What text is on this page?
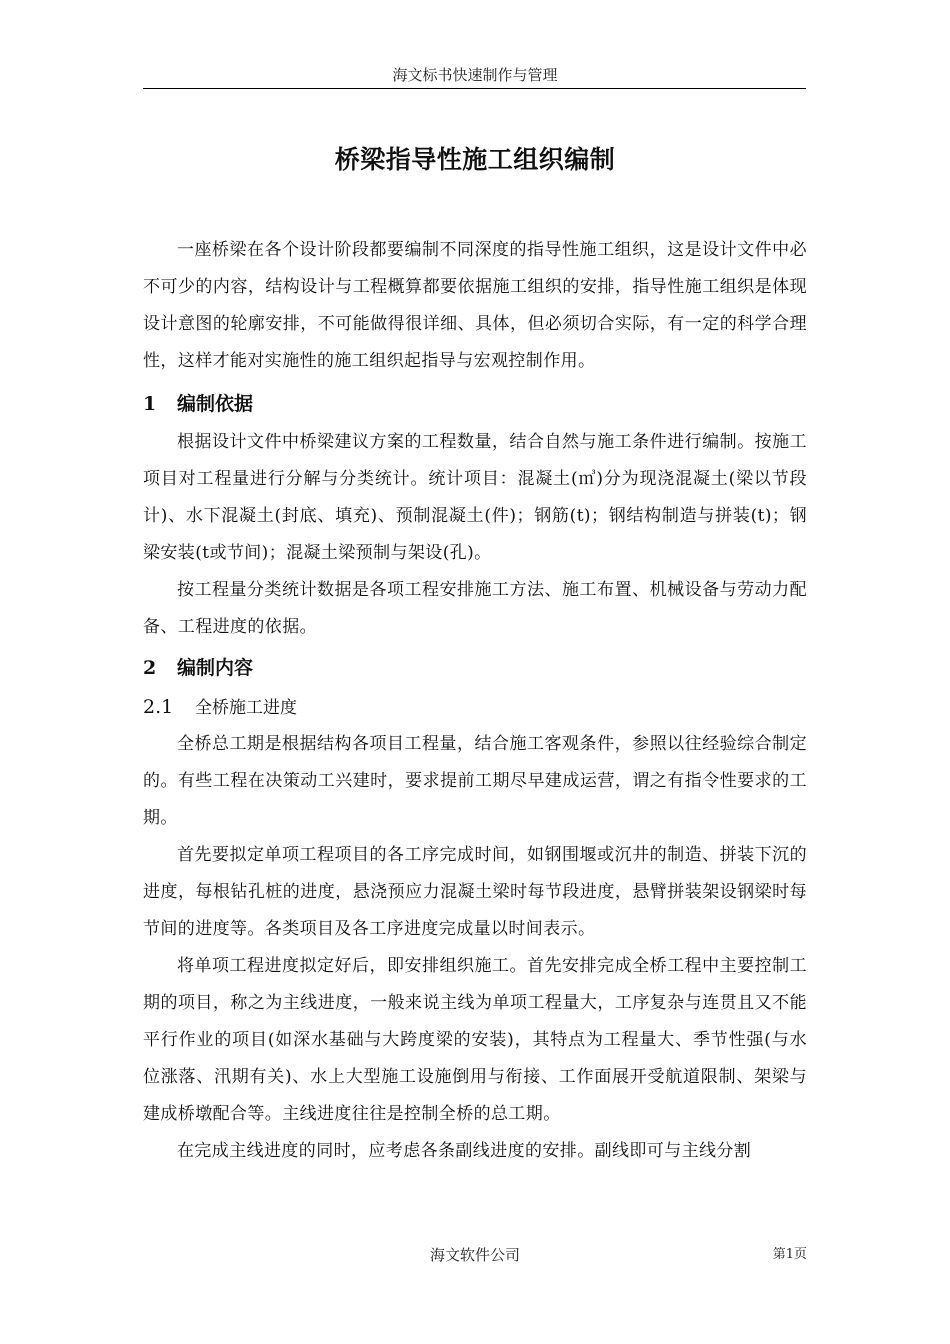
海文标书快速制作与管理
桥梁指导性施工组织编制

一座桥梁在各个设计阶段都要编制不同深度的指导性施工组织，这是设计文件中必不可少的内容，结构设计与工程概算都要依据施工组织的安排，指导性施工组织是体现设计意图的轮廓安排，不可能做得很详细、具体，但必须切合实际，有一定的科学合理性，这样才能对实施性的施工组织起指导与宏观控制作用。

1 编制依据

根据设计文件中桥梁建议方案的工程数量，结合自然与施工条件进行编制。按施工项目对工程量进行分解与分类统计。统计项目：混凝土(㎥)分为现浇混凝土(梁以节段计)、水下混凝土(封底、填充)、预制混凝土(件)；钢筋(t)；钢结构制造与拼装(t)；钢梁安装(t或节间)；混凝土梁预制与架设(孔)。

按工程量分类统计数据是各项工程安排施工方法、施工布置、机械设备与劳动力配备、工程进度的依据。

2 编制内容
2.1 全桥施工进度

全桥总工期是根据结构各项目工程量，结合施工客观条件，参照以往经验综合制定的。有些工程在决策动工兴建时，要求提前工期尽早建成运营，谓之有指令性要求的工期。

首先要拟定单项工程项目的各工序完成时间，如钢围堰或沉井的制造、拼装下沉的进度，每根钻孔桩的进度，悬浇预应力混凝土梁时每节段进度，悬臂拼装架设钢梁时每节间的进度等。各类项目及各工序进度完成量以时间表示。

将单项工程进度拟定好后，即安排组织施工。首先安排完成全桥工程中主要控制工期的项目，称之为主线进度，一般来说主线为单项工程量大，工序复杂与连贯且又不能平行作业的项目(如深水基础与大跨度梁的安装)，其特点为工程量大、季节性强(与水位涨落、汛期有关)、水上大型施工设施倒用与衔接、工作面展开受航道限制、架梁与建成桥墩配合等。主线进度往往是控制全桥的总工期。

在完成主线进度的同时，应考虑各条副线进度的安排。副线即可与主线分割

海文软件公司	第1页
